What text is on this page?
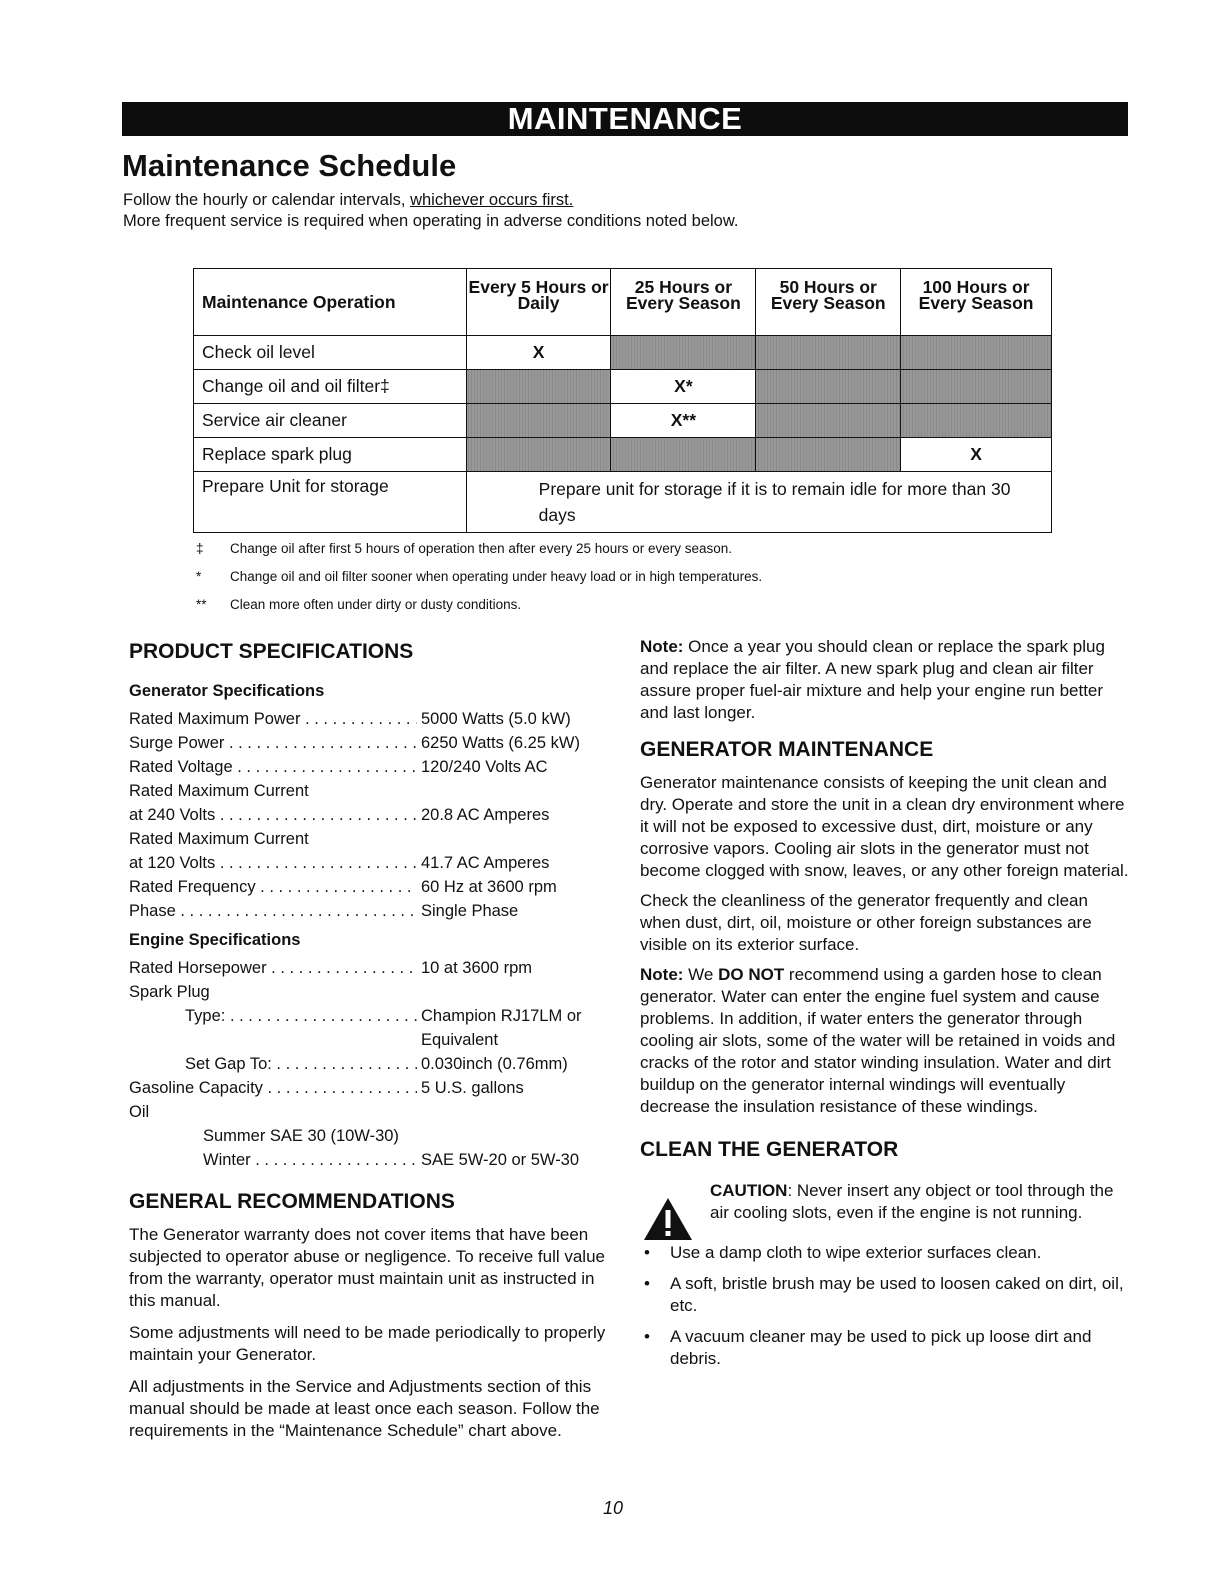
MAINTENANCE
Maintenance Schedule
Follow the hourly or calendar intervals, whichever occurs first.
More frequent service is required when operating in adverse conditions noted below.
Maintenance Operation	Every 5 Hours or Daily	25 Hours or Every Season	50 Hours or Every Season	100 Hours or Every Season
Check oil level	X			
Change oil and oil filter‡		X*		
Service air cleaner		X**		
Replace spark plug				X
Prepare Unit for storage	Prepare unit for storage if it is to remain idle for more than 30 days			
‡	Change oil after first 5 hours of operation then after every 25 hours or every season.
*	Change oil and oil filter sooner when operating under heavy load or in high temperatures.
**	Clean more often under dirty or dusty conditions.
PRODUCT SPECIFICATIONS
Generator Specifications
Rated Maximum Power . . .	5000 Watts (5.0 kW)
Surge Power . . .	6250 Watts (6.25 kW)
Rated Voltage . . .	120/240 Volts AC
Rated Maximum Current
at 240 Volts . . .	20.8 AC Amperes
Rated Maximum Current
at 120 Volts . . .	41.7 AC Amperes
Rated Frequency . . .	60 Hz at 3600 rpm
Phase . . .	Single Phase
Engine Specifications
Rated Horsepower . . .	10 at 3600 rpm
Spark Plug
Type: . . .	Champion RJ17LM or
Equivalent
Set Gap To: . . .	0.030inch (0.76mm)
Gasoline Capacity . . .	5 U.S. gallons
Oil
Summer SAE 30 (10W-30)
Winter . . .	SAE 5W-20 or 5W-30
GENERAL RECOMMENDATIONS

The Generator warranty does not cover items that have been subjected to operator abuse or negligence. To receive full value from the warranty, operator must maintain unit as instructed in this manual.

Some adjustments will need to be made periodically to properly maintain your Generator.

All adjustments in the Service and Adjustments section of this manual should be made at least once each season. Follow the requirements in the “Maintenance Schedule” chart above.

Note: Once a year you should clean or replace the spark plug and replace the air filter. A new spark plug and clean air filter assure proper fuel-air mixture and help your engine run better and last longer.

GENERATOR MAINTENANCE

Generator maintenance consists of keeping the unit clean and dry. Operate and store the unit in a clean dry environment where it will not be exposed to excessive dust, dirt, moisture or any corrosive vapors. Cooling air slots in the generator must not become clogged with snow, leaves, or any other foreign material.

Check the cleanliness of the generator frequently and clean when dust, dirt, oil, moisture or other foreign substances are visible on its exterior surface.

Note: We DO NOT recommend using a garden hose to clean generator. Water can enter the engine fuel system and cause problems. In addition, if water enters the generator through cooling air slots, some of the water will be retained in voids and cracks of the rotor and stator winding insulation. Water and dirt buildup on the generator internal windings will eventually decrease the insulation resistance of these windings.

CLEAN THE GENERATOR

CAUTION: Never insert any object or tool through the air cooling slots, even if the engine is not running.

• Use a damp cloth to wipe exterior surfaces clean.
• A soft, bristle brush may be used to loosen caked on dirt, oil, etc.
• A vacuum cleaner may be used to pick up loose dirt and debris.
10
